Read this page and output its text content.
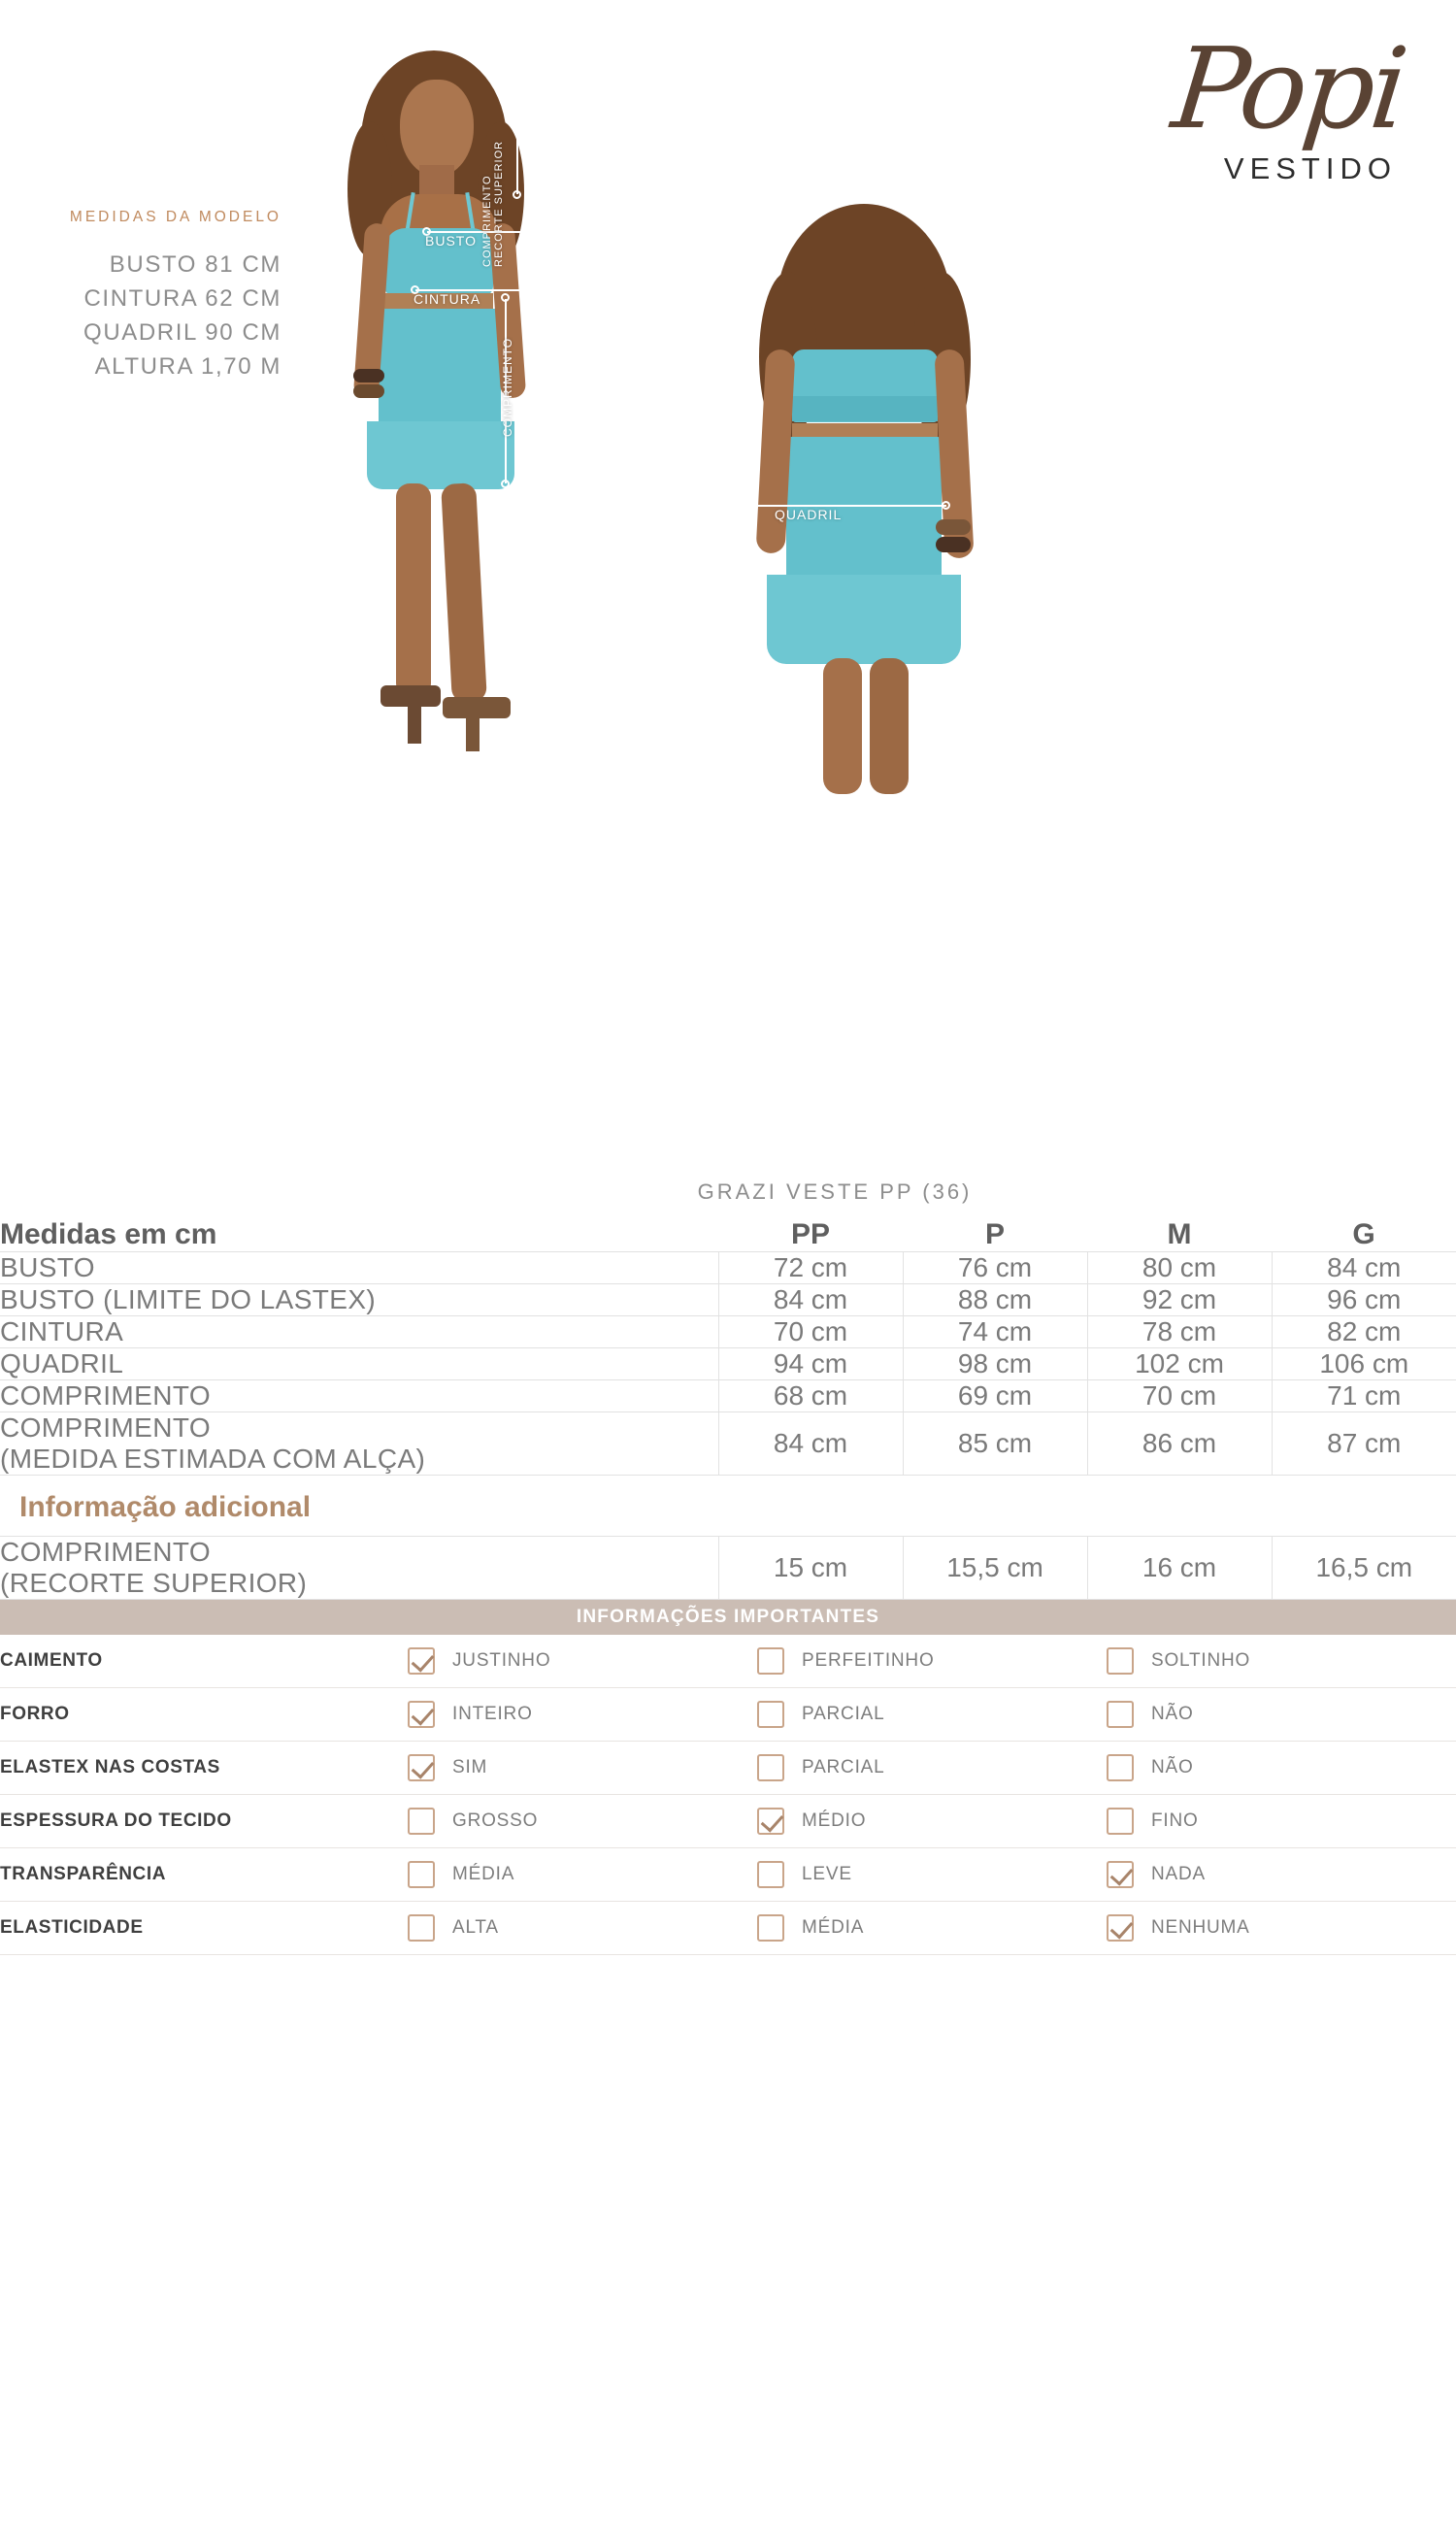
MEDIDAS DA MODELO
BUSTO 81 CM
CINTURA 62 CM
QUADRIL 90 CM
ALTURA 1,70 M
Popi
VESTIDO
BUSTO
CINTURA
COMPRIMENTO
COMPRIMENTO RECORTE SUPERIOR
QUADRIL
GRAZI VESTE PP (36)
Medidas em cm	PP	P	M	G
BUSTO	72 cm	76 cm	80 cm	84 cm
BUSTO (LIMITE DO LASTEX)	84 cm	88 cm	92 cm	96 cm
CINTURA	70 cm	74 cm	78 cm	82 cm
QUADRIL	94 cm	98 cm	102 cm	106 cm
COMPRIMENTO	68 cm	69 cm	70 cm	71 cm
COMPRIMENTO
(MEDIDA ESTIMADA COM ALÇA)	84 cm	85 cm	86 cm	87 cm
Informação adicional				
COMPRIMENTO
(RECORTE SUPERIOR)	15 cm	15,5 cm	16 cm	16,5 cm
INFORMAÇÕES IMPORTANTES
CAIMENTO	JUSTINHO	PERFEITINHO	SOLTINHO

FORRO	INTEIRO	PARCIAL	NÃO

ELASTEX NAS COSTAS	SIM	PARCIAL	NÃO

ESPESSURA DO TECIDO	GROSSO	MÉDIO	FINO

TRANSPARÊNCIA	MÉDIA	LEVE	NADA

ELASTICIDADE	ALTA	MÉDIA	NENHUMA
